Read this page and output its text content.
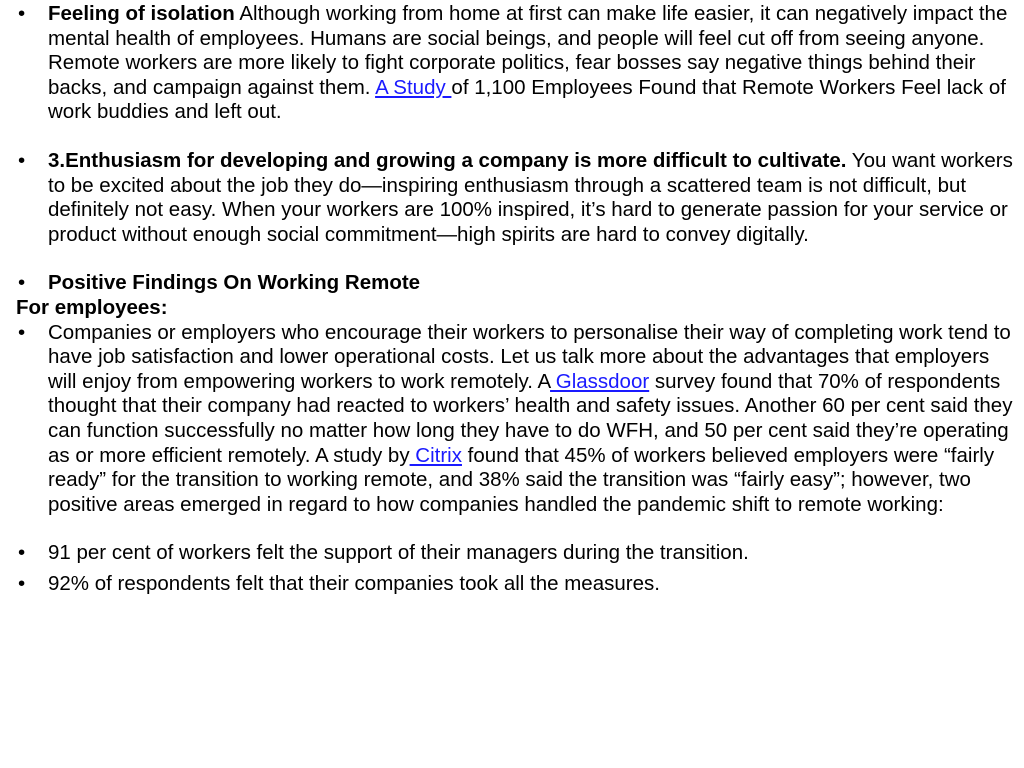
• Feeling of isolation Although working from home at first can make life easier, it can negatively impact the mental health of employees. Humans are social beings, and people will feel cut off from seeing anyone. Remote workers are more likely to fight corporate politics, fear bosses say negative things behind their backs, and campaign against them. A Study of 1,100 Employees Found that Remote Workers Feel lack of work buddies and left out.

• 3.Enthusiasm for developing and growing a company is more difficult to cultivate. You want workers to be excited about the job they do—inspiring enthusiasm through a scattered team is not difficult, but definitely not easy. When your workers are 100% inspired, it’s hard to generate passion for your service or product without enough social commitment—high spirits are hard to convey digitally.

• Positive Findings On Working Remote

For employees:

• Companies or employers who encourage their workers to personalise their way of completing work tend to have job satisfaction and lower operational costs. Let us talk more about the advantages that employers will enjoy from empowering workers to work remotely. A Glassdoor survey found that 70% of respondents thought that their company had reacted to workers’ health and safety issues. Another 60 per cent said they can function successfully no matter how long they have to do WFH, and 50 per cent said they’re operating as or more efficient remotely. A study by Citrix found that 45% of workers believed employers were “fairly ready” for the transition to working remote, and 38% said the transition was “fairly easy”; however, two positive areas emerged in regard to how companies handled the pandemic shift to remote working:

• 91 per cent of workers felt the support of their managers during the transition.

• 92% of respondents felt that their companies took all the measures.
